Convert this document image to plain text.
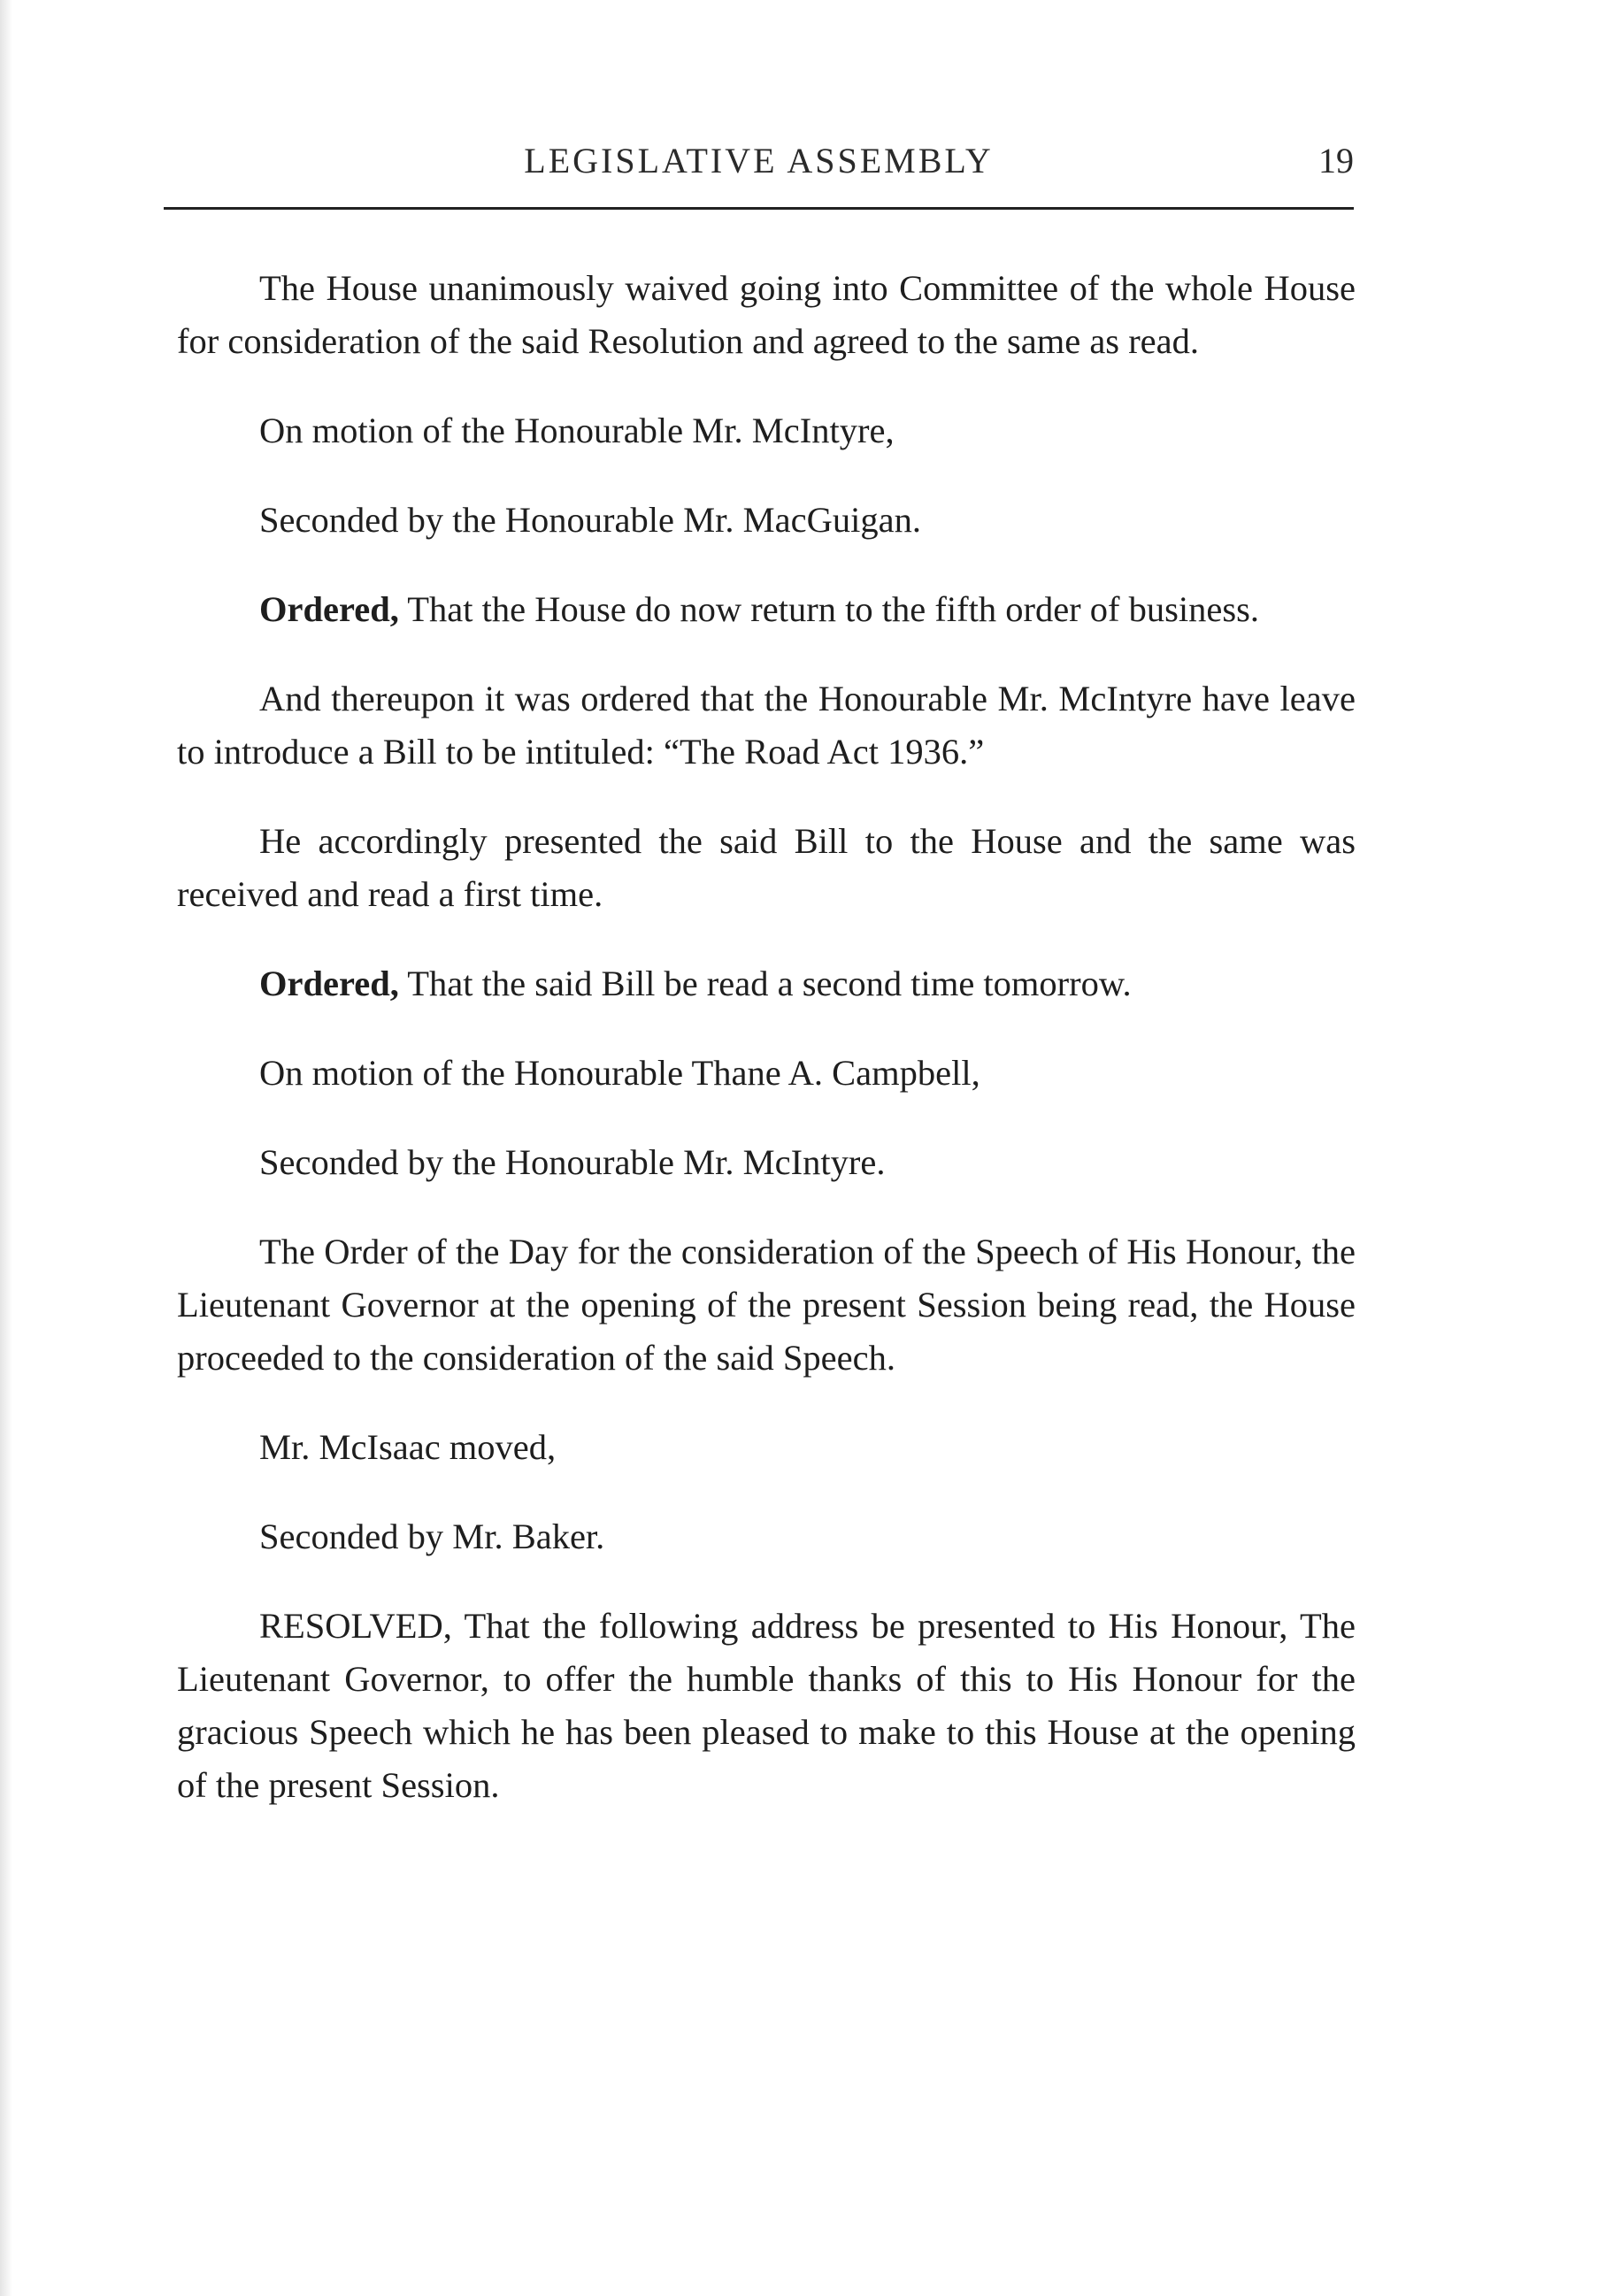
LEGISLATIVE ASSEMBLY	19

The House unanimously waived going into Committee of the whole House for consideration of the said Resolution and agreed to the same as read.

On motion of the Honourable Mr. McIntyre,

Seconded by the Honourable Mr. MacGuigan.

Ordered, That the House do now return to the fifth order of business.

And thereupon it was ordered that the Honourable Mr. McIntyre have leave to introduce a Bill to be intituled: “The Road Act 1936.”

He accordingly presented the said Bill to the House and the same was received and read a first time.

Ordered, That the said Bill be read a second time tomorrow.

On motion of the Honourable Thane A. Campbell,

Seconded by the Honourable Mr. McIntyre.

The Order of the Day for the consideration of the Speech of His Honour, the Lieutenant Governor at the opening of the present Session being read, the House proceeded to the consideration of the said Speech.

Mr. McIsaac moved,

Seconded by Mr. Baker.

RESOLVED, That the following address be presented to His Honour, The Lieutenant Governor, to offer the humble thanks of this to His Honour for the gracious Speech which he has been pleased to make to this House at the opening of the present Session.
